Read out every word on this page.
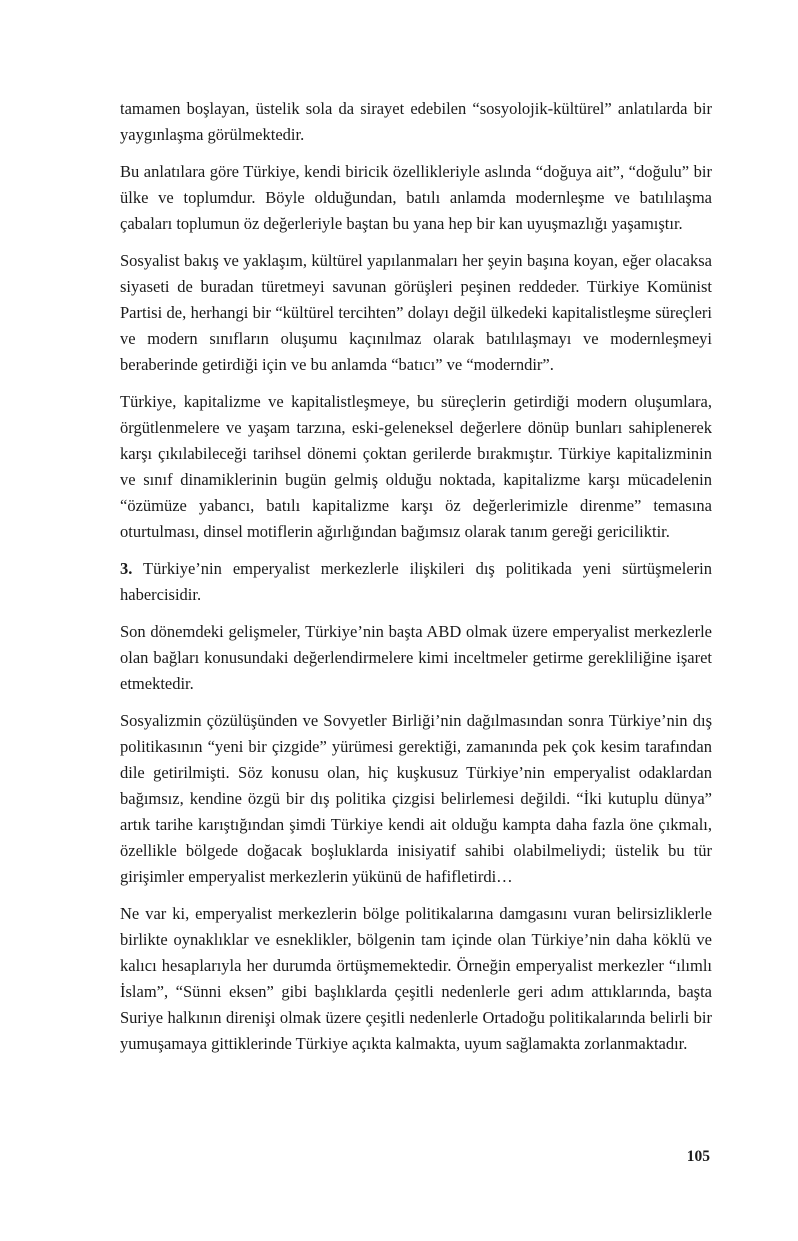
tamamen boşlayan, üstelik sola da sirayet edebilen “sosyolojik-kültürel” anlatılarda bir yaygınlaşma görülmektedir.

Bu anlatılara göre Türkiye, kendi biricik özellikleriyle aslında “doğuya ait”, “doğulu” bir ülke ve toplumdur. Böyle olduğundan, batılı anlamda modernleşme ve batılılaşma çabaları toplumun öz değerleriyle baştan bu yana hep bir kan uyuşmazlığı yaşamıştır.

Sosyalist bakış ve yaklaşım, kültürel yapılanmaları her şeyin başına koyan, eğer olacaksa siyaseti de buradan türetmeyi savunan görüşleri peşinen reddeder. Türkiye Komünist Partisi de, herhangi bir “kültürel tercihten” dolayı değil ülkedeki kapitalistleşme süreçleri ve modern sınıfların oluşumu kaçınılmaz olarak batılılaşmayı ve modernleşmeyi beraberinde getirdiği için ve bu anlamda “batıcı” ve “moderndir”.

Türkiye, kapitalizme ve kapitalistleşmeye, bu süreçlerin getirdiği modern oluşumlara, örgütlenmelere ve yaşam tarzına, eski-geleneksel değerlere dönüp bunları sahiplenerek karşı çıkılabileceği tarihsel dönemi çoktan gerilerde bırakmıştır. Türkiye kapitalizminin ve sınıf dinamiklerinin bugün gelmiş olduğu noktada, kapitalizme karşı mücadelenin “özümüze yabancı, batılı kapitalizme karşı öz değerlerimizle direnme” temasına oturtulması, dinsel motiflerin ağırlığından bağımsız olarak tanım gereği gericiliktir.

3. Türkiye’nin emperyalist merkezlerle ilişkileri dış politikada yeni sürtüşmelerin habercisidir.

Son dönemdeki gelişmeler, Türkiye’nin başta ABD olmak üzere emperyalist merkezlerle olan bağları konusundaki değerlendirmelere kimi inceltmeler getirme gerekliliğine işaret etmektedir.

Sosyalizmin çözülüşünden ve Sovyetler Birliği’nin dağılmasından sonra Türkiye’nin dış politikasının “yeni bir çizgide” yürümesi gerektiği, zamanında pek çok kesim tarafından dile getirilmişti. Söz konusu olan, hiç kuşkusuz Türkiye’nin emperyalist odaklardan bağımsız, kendine özgü bir dış politika çizgisi belirlemesi değildi. “İki kutuplu dünya” artık tarihe karıştığından şimdi Türkiye kendi ait olduğu kampta daha fazla öne çıkmalı, özellikle bölgede doğacak boşluklarda inisiyatif sahibi olabilmeliydi; üstelik bu tür girişimler emperyalist merkezlerin yükünü de hafifletirdi…

Ne var ki, emperyalist merkezlerin bölge politikalarına damgasını vuran belirsizliklerle birlikte oynaklıklar ve esneklikler, bölgenin tam içinde olan Türkiye’nin daha köklü ve kalıcı hesaplarıyla her durumda örtüşmemektedir. Örneğin emperyalist merkezler “ılımlı İslam”, “Sünni eksen” gibi başlıklarda çeşitli nedenlerle geri adım attıklarında, başta Suriye halkının direnişi olmak üzere çeşitli nedenlerle Ortadoğu politikalarında belirli bir yumuşamaya gittiklerinde Türkiye açıkta kalmakta, uyum sağlamakta zorlanmaktadır.

105
